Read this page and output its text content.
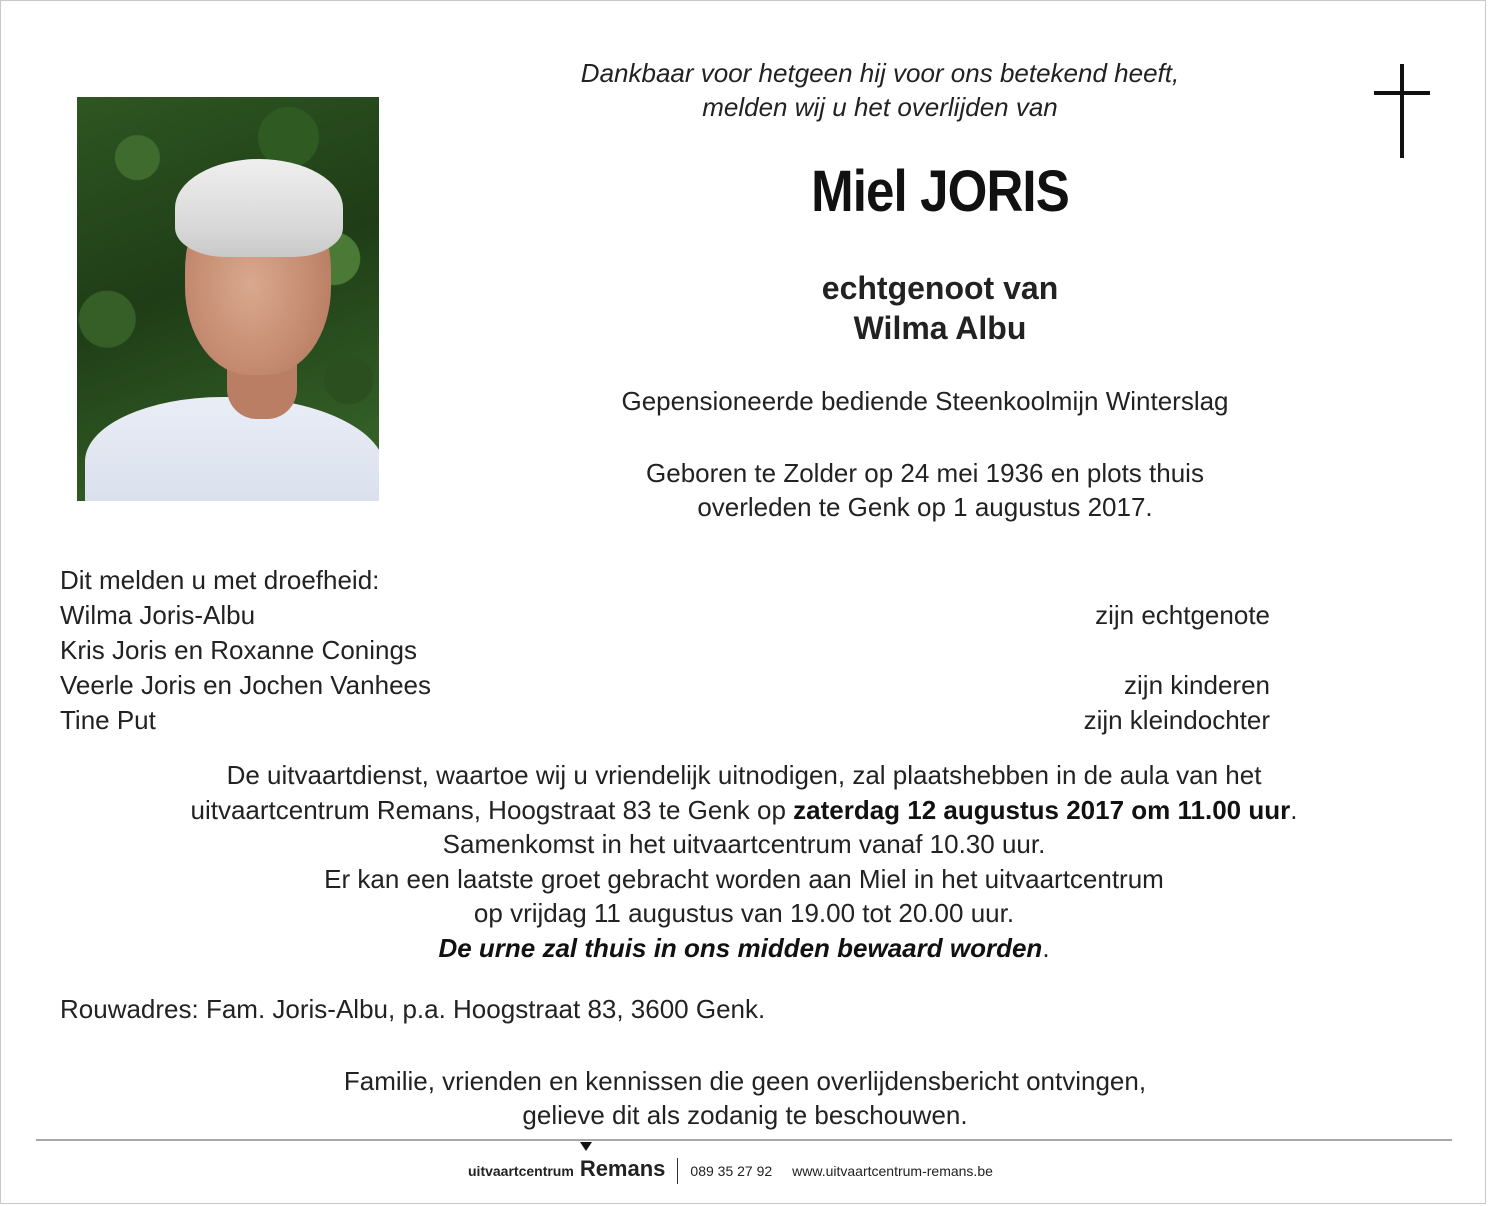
Dankbaar voor hetgeen hij voor ons betekend heeft,
melden wij u het overlijden van
Miel JORIS
echtgenoot van
Wilma Albu
Gepensioneerde bediende Steenkoolmijn Winterslag
Geboren te Zolder op 24 mei 1936 en plots thuis
overleden te Genk op 1 augustus 2017.
Dit melden u met droefheid:
Wilma Joris-Albu	zijn echtgenote
Kris Joris en Roxanne Conings
Veerle Joris en Jochen Vanhees	zijn kinderen
Tine Put	zijn kleindochter
De uitvaartdienst, waartoe wij u vriendelijk uitnodigen, zal plaatshebben in de aula van het
uitvaartcentrum Remans, Hoogstraat 83 te Genk op zaterdag 12 augustus 2017 om 11.00 uur.
Samenkomst in het uitvaartcentrum vanaf 10.30 uur.
Er kan een laatste groet gebracht worden aan Miel in het uitvaartcentrum
op vrijdag 11 augustus van 19.00 tot 20.00 uur.
De urne zal thuis in ons midden bewaard worden.
Rouwadres: Fam. Joris-Albu, p.a. Hoogstraat 83, 3600 Genk.
Familie, vrienden en kennissen die geen overlijdensbericht ontvingen,
gelieve dit als zodanig te beschouwen.
uitvaartcentrum Remans 089 35 27 92 www.uitvaartcentrum-remans.be
